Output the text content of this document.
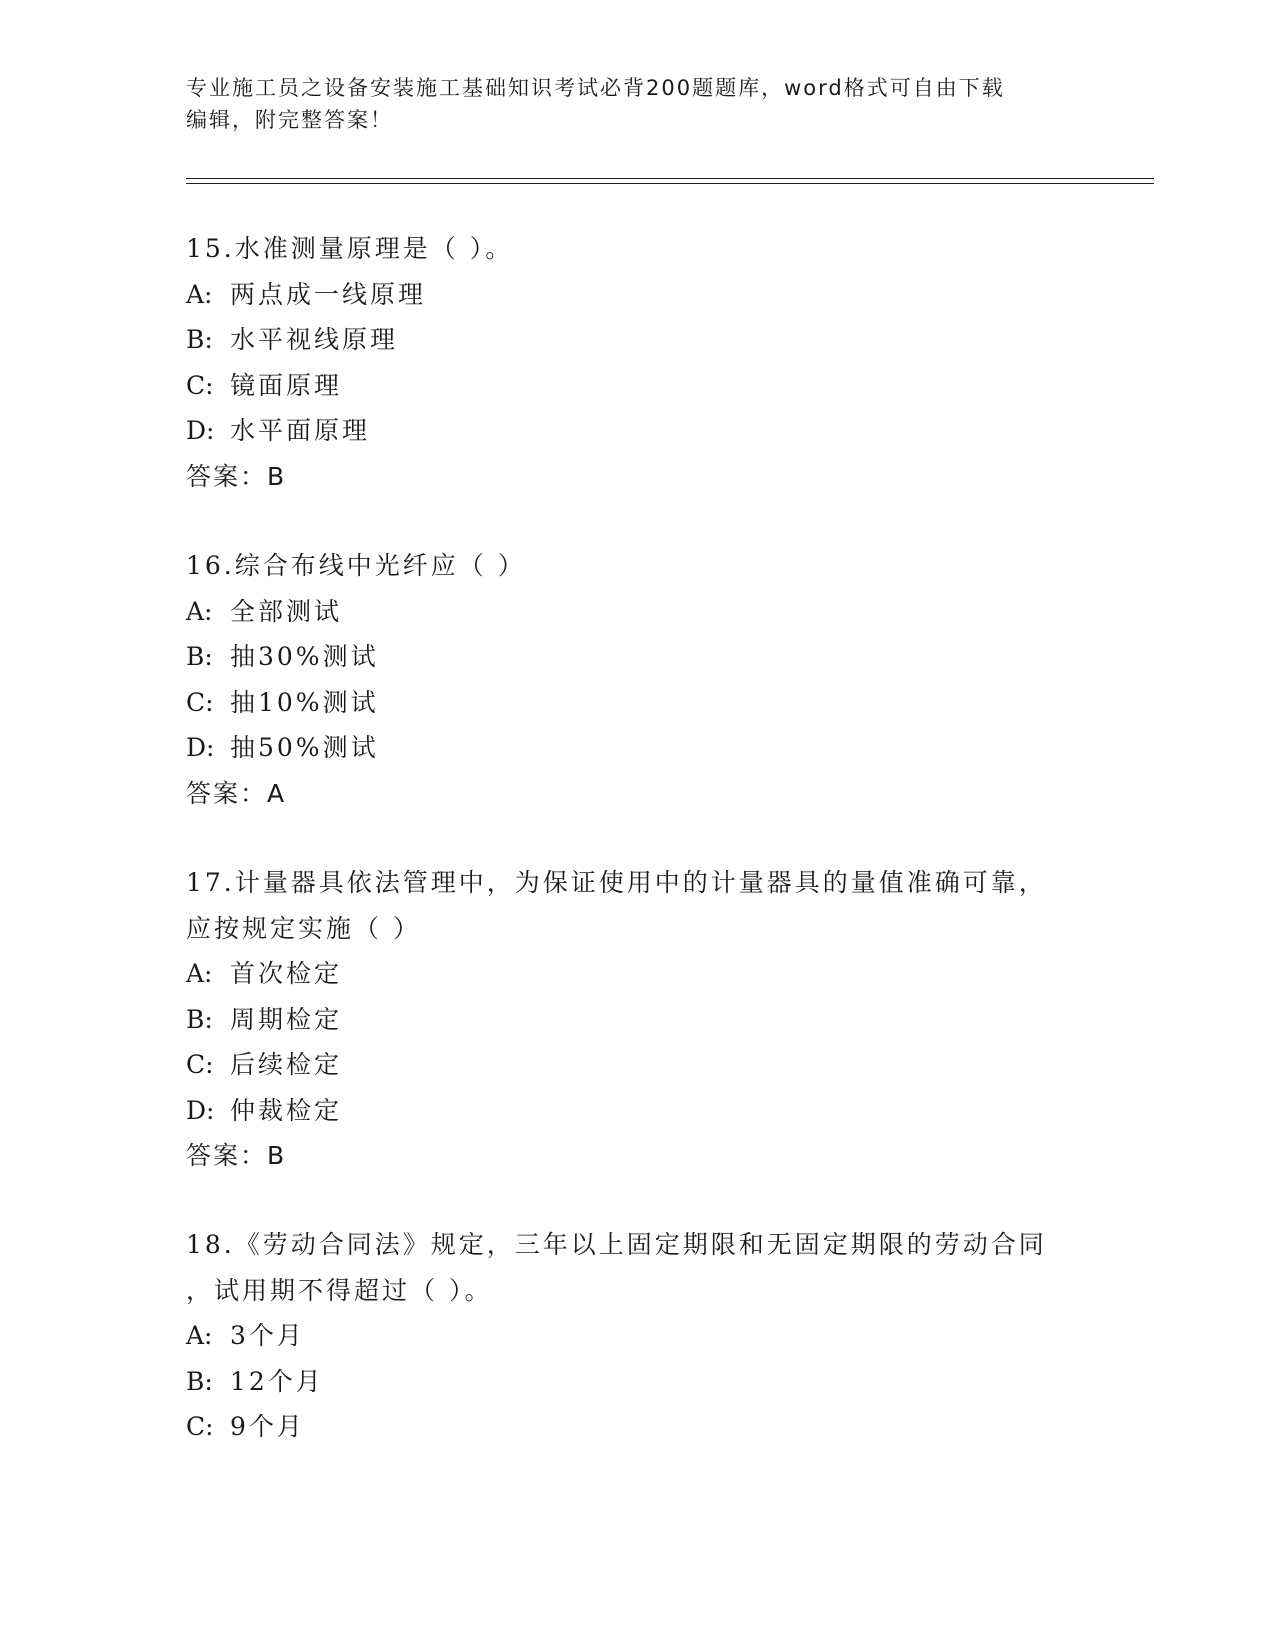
专业施工员之设备安装施工基础知识考试必背200题题库，word格式可自由下载
编辑，附完整答案！
15.水准测量原理是（ ）。
A: 两点成一线原理
B: 水平视线原理
C: 镜面原理
D: 水平面原理
答案：B
16.综合布线中光纤应（ ）
A: 全部测试
B: 抽30%测试
C: 抽10%测试
D: 抽50%测试
答案：A
17.计量器具依法管理中，为保证使用中的计量器具的量值准确可靠，
应按规定实施（ ）
A: 首次检定
B: 周期检定
C: 后续检定
D: 仲裁检定
答案：B
18.《劳动合同法》规定，三年以上固定期限和无固定期限的劳动合同
，试用期不得超过（ ）。
A: 3个月
B: 12个月
C: 9个月
